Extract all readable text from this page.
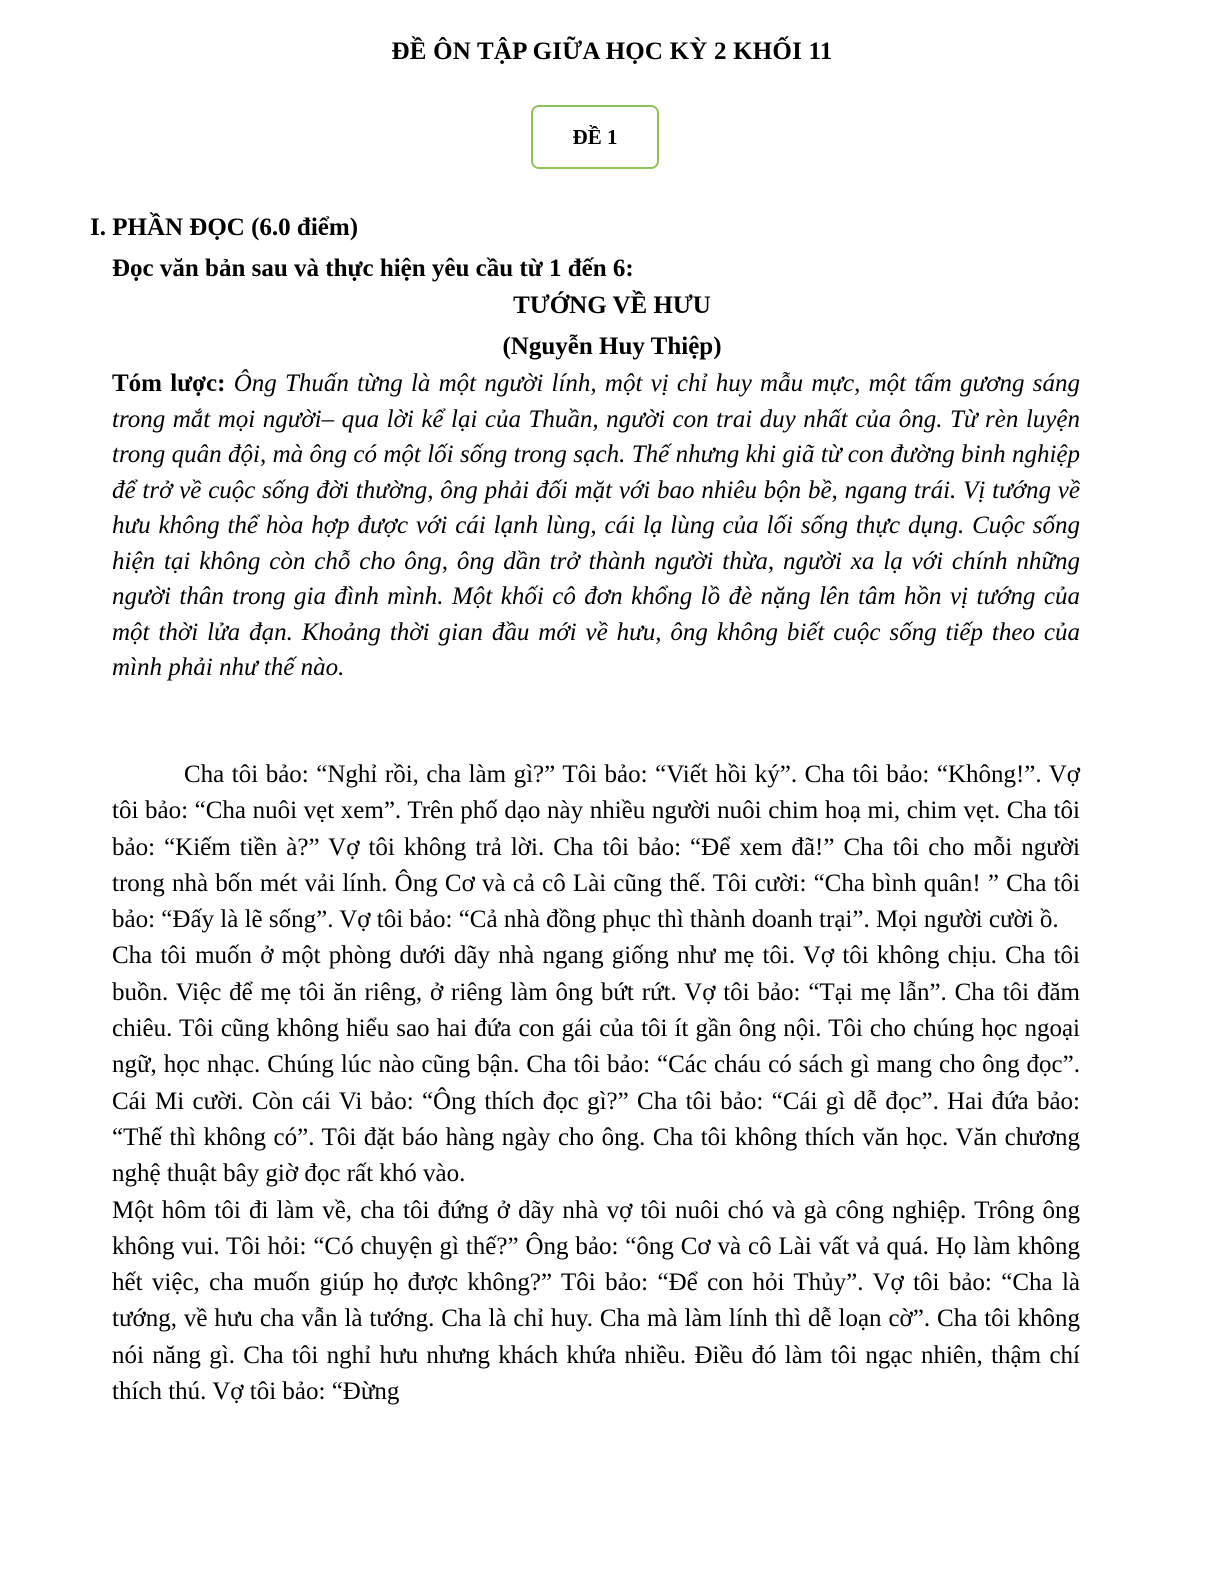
ĐỀ ÔN TẬP GIỮA HỌC KỲ 2 KHỐI 11
ĐỀ 1
I. PHẦN ĐỌC (6.0 điểm)
Đọc văn bản sau và thực hiện yêu cầu từ 1 đến 6:
TƯỚNG VỀ HƯU
(Nguyễn Huy Thiệp)

Tóm lược: Ông Thuấn từng là một người lính, một vị chỉ huy mẫu mực, một tấm gương sáng trong mắt mọi người– qua lời kể lại của Thuần, người con trai duy nhất của ông. Từ rèn luyện trong quân đội, mà ông có một lối sống trong sạch. Thế nhưng khi giã từ con đường binh nghiệp để trở về cuộc sống đời thường, ông phải đối mặt với bao nhiêu bộn bề, ngang trái. Vị tướng về hưu không thể hòa hợp được với cái lạnh lùng, cái lạ lùng của lối sống thực dụng. Cuộc sống hiện tại không còn chỗ cho ông, ông dần trở thành người thừa, người xa lạ với chính những người thân trong gia đình mình. Một khối cô đơn khổng lồ đè nặng lên tâm hồn vị tướng của một thời lửa đạn. Khoảng thời gian đầu mới về hưu, ông không biết cuộc sống tiếp theo của mình phải như thế nào.

Cha tôi bảo: “Nghỉ rồi, cha làm gì?” Tôi bảo: “Viết hồi ký”. Cha tôi bảo: “Không!”. Vợ tôi bảo: “Cha nuôi vẹt xem”. Trên phố dạo này nhiều người nuôi chim hoạ mi, chim vẹt. Cha tôi bảo: “Kiếm tiền à?” Vợ tôi không trả lời. Cha tôi bảo: “Để xem đã!” Cha tôi cho mỗi người trong nhà bốn mét vải lính. Ông Cơ và cả cô Lài cũng thế. Tôi cười: “Cha bình quân! ” Cha tôi bảo: “Đấy là lẽ sống”. Vợ tôi bảo: “Cả nhà đồng phục thì thành doanh trại”. Mọi người cười ồ.

Cha tôi muốn ở một phòng dưới dãy nhà ngang giống như mẹ tôi. Vợ tôi không chịu. Cha tôi buồn. Việc để mẹ tôi ăn riêng, ở riêng làm ông bứt rứt. Vợ tôi bảo: “Tại mẹ lẫn”. Cha tôi đăm chiêu. Tôi cũng không hiểu sao hai đứa con gái của tôi ít gần ông nội. Tôi cho chúng học ngoại ngữ, học nhạc. Chúng lúc nào cũng bận. Cha tôi bảo: “Các cháu có sách gì mang cho ông đọc”. Cái Mi cười. Còn cái Vi bảo: “Ông thích đọc gì?” Cha tôi bảo: “Cái gì dễ đọc”. Hai đứa bảo: “Thế thì không có”. Tôi đặt báo hàng ngày cho ông. Cha tôi không thích văn học. Văn chương nghệ thuật bây giờ đọc rất khó vào.

Một hôm tôi đi làm về, cha tôi đứng ở dãy nhà vợ tôi nuôi chó và gà công nghiệp. Trông ông không vui. Tôi hỏi: “Có chuyện gì thế?” Ông bảo: “ông Cơ và cô Lài vất vả quá. Họ làm không hết việc, cha muốn giúp họ được không?” Tôi bảo: “Để con hỏi Thủy”. Vợ tôi bảo: “Cha là tướng, về hưu cha vẫn là tướng. Cha là chỉ huy. Cha mà làm lính thì dễ loạn cờ”. Cha tôi không nói năng gì. Cha tôi nghỉ hưu nhưng khách khứa nhiều. Điều đó làm tôi ngạc nhiên, thậm chí thích thú. Vợ tôi bảo: “Đừng
